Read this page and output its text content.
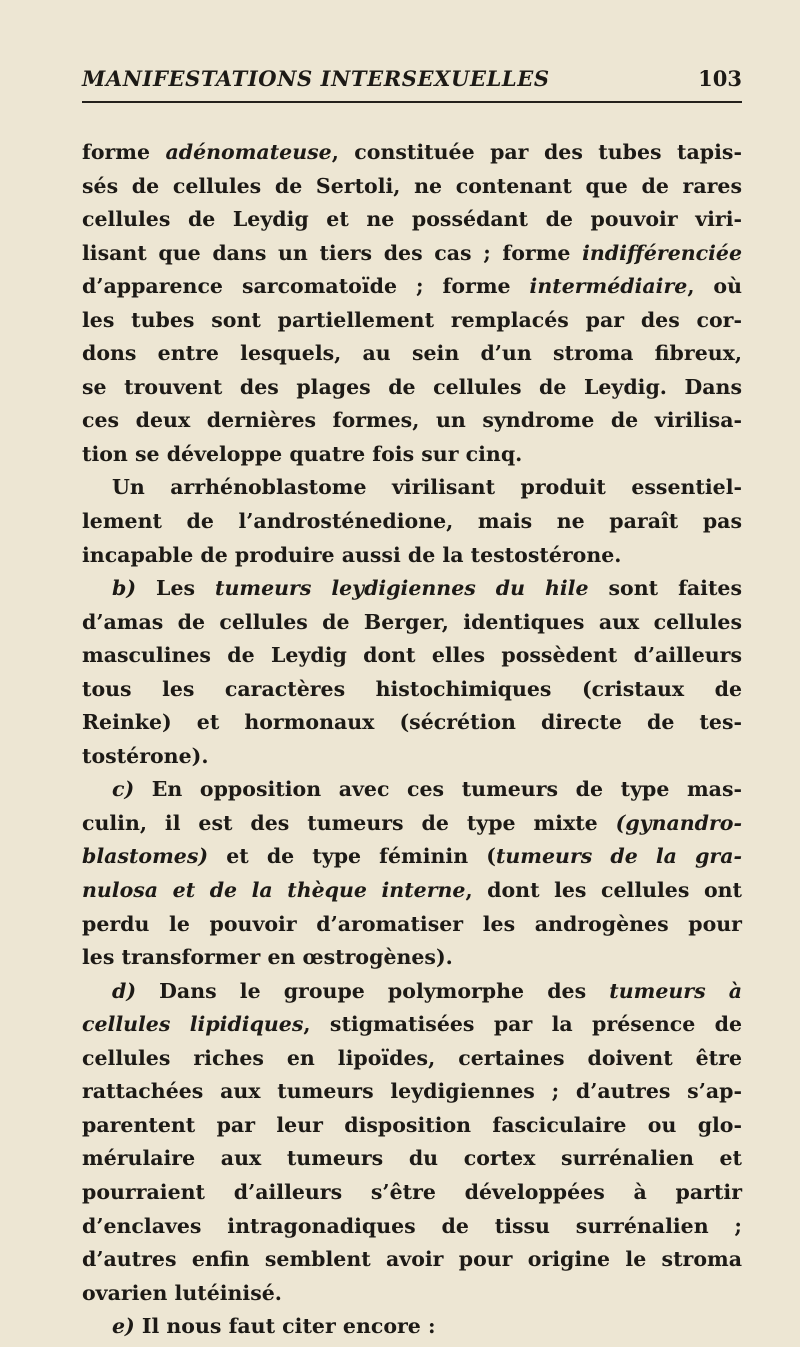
MANIFESTATIONS INTERSEXUELLES	103
forme adénomateuse, constituée par des tubes tapis-
sés de cellules de Sertoli, ne contenant que de rares
cellules de Leydig et ne possédant de pouvoir viri-
lisant que dans un tiers des cas ; forme indifférenciée
d’apparence sarcomatoïde ; forme intermédiaire, où
les tubes sont partiellement remplacés par des cor-
dons entre lesquels, au sein d’un stroma fibreux,
se trouvent des plages de cellules de Leydig. Dans
ces deux dernières formes, un syndrome de virilisa-
tion se développe quatre fois sur cinq.
Un arrhénoblastome virilisant produit essentiel-
lement de l’androsténedione, mais ne paraît pas
incapable de produire aussi de la testostérone.
b) Les tumeurs leydigiennes du hile sont faites
d’amas de cellules de Berger, identiques aux cellules
masculines de Leydig dont elles possèdent d’ailleurs
tous les caractères histochimiques (cristaux de
Reinke) et hormonaux (sécrétion directe de tes-
tostérone).
c) En opposition avec ces tumeurs de type mas-
culin, il est des tumeurs de type mixte (gynandro-
blastomes) et de type féminin (tumeurs de la gra-
nulosa et de la thèque interne, dont les cellules ont
perdu le pouvoir d’aromatiser les androgènes pour
les transformer en œstrogènes).
d) Dans le groupe polymorphe des tumeurs à
cellules lipidiques, stigmatisées par la présence de
cellules riches en lipoïdes, certaines doivent être
rattachées aux tumeurs leydigiennes ; d’autres s’ap-
parentent par leur disposition fasciculaire ou glo-
mérulaire aux tumeurs du cortex surrénalien et
pourraient d’ailleurs s’être développées à partir
d’enclaves intragonadiques de tissu surrénalien ;
d’autres enfin semblent avoir pour origine le stroma
ovarien lutéinisé.
e) Il nous faut citer encore :
